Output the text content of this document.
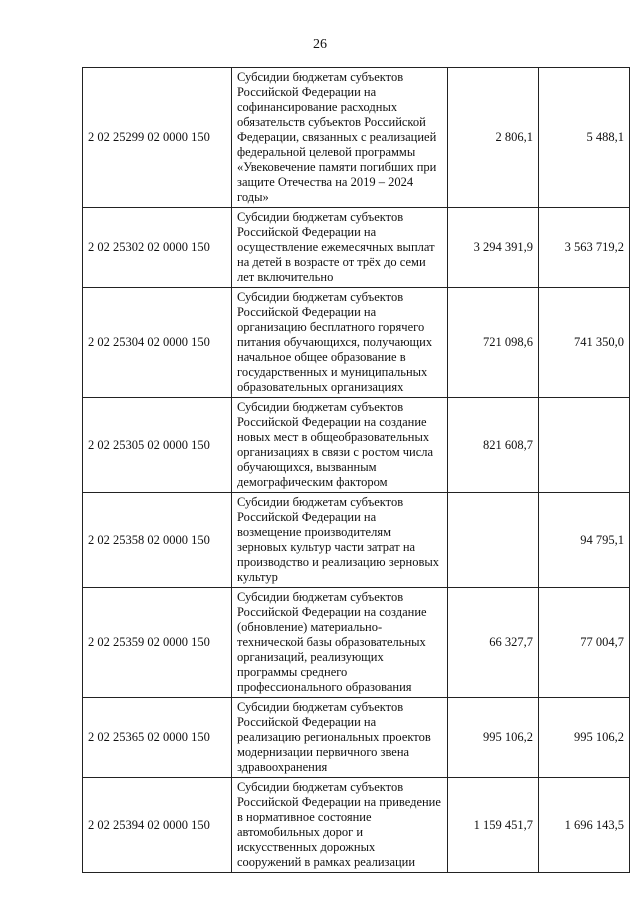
26
2 02 25299 02 0000 150	Субсидии бюджетам субъектов Российской Федерации на софинансирование расходных обязательств субъектов Российской Федерации, связанных с реализацией федеральной целевой программы «Увековечение памяти погибших при защите Отечества на 2019 – 2024 годы»	2 806,1	5 488,1
2 02 25302 02 0000 150	Субсидии бюджетам субъектов Российской Федерации на осуществление ежемесячных выплат на детей в возрасте от трёх до семи лет включительно	3 294 391,9	3 563 719,2
2 02 25304 02 0000 150	Субсидии бюджетам субъектов Российской Федерации на организацию бесплатного горячего питания обучающихся, получающих начальное общее образование в государственных и муниципальных образовательных организациях	721 098,6	741 350,0
2 02 25305 02 0000 150	Субсидии бюджетам субъектов Российской Федерации на создание новых мест в общеобразовательных организациях в связи с ростом числа обучающихся, вызванным демографическим фактором	821 608,7	
2 02 25358 02 0000 150	Субсидии бюджетам субъектов Российской Федерации на возмещение производителям зерновых культур части затрат на производство и реализацию зерновых культур		94 795,1
2 02 25359 02 0000 150	Субсидии бюджетам субъектов Российской Федерации на создание (обновление) материально-технической базы образовательных организаций, реализующих программы среднего профессионального образования	66 327,7	77 004,7
2 02 25365 02 0000 150	Субсидии бюджетам субъектов Российской Федерации на реализацию региональных проектов модернизации первичного звена здравоохранения	995 106,2	995 106,2
2 02 25394 02 0000 150	Субсидии бюджетам субъектов Российской Федерации на приведение в нормативное состояние автомобильных дорог и искусственных дорожных сооружений в рамках реализации	1 159 451,7	1 696 143,5
